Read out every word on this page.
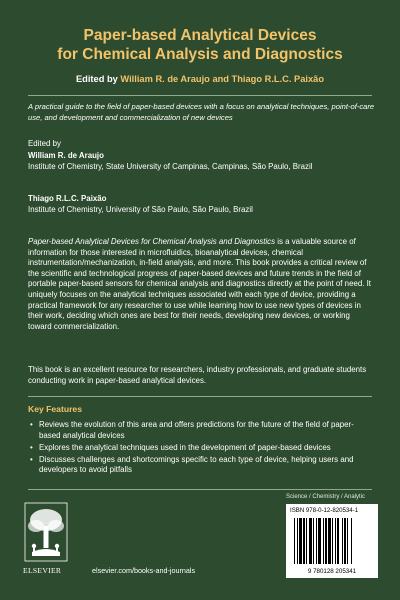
Paper-based Analytical Devices
for Chemical Analysis and Diagnostics
Edited by William R. de Araujo and Thiago R.L.C. Paixão
A practical guide to the field of paper-based devices with a focus on analytical techniques, point-of-care use, and development and commercialization of new devices
Edited by
William R. de Araujo
Institute of Chemistry, State University of Campinas, Campinas, São Paulo, Brazil
Thiago R.L.C. Paixão
Institute of Chemistry, University of São Paulo, São Paulo, Brazil
Paper-based Analytical Devices for Chemical Analysis and Diagnostics is a valuable source of information for those interested in microfluidics, bioanalytical devices, chemical instrumentation/mechanization, in-field analysis, and more. This book provides a critical review of the scientific and technological progress of paper-based devices and future trends in the field of portable paper-based sensors for chemical analysis and diagnostics directly at the point of need. It uniquely focuses on the analytical techniques associated with each type of device, providing a practical framework for any researcher to use while learning how to use new types of devices in their work, deciding which ones are best for their needs, developing new devices, or working toward commercialization.
This book is an excellent resource for researchers, industry professionals, and graduate students conducting work in paper-based analytical devices.
Key Features
• Reviews the evolution of this area and offers predictions for the future of the field of paper-based analytical devices
• Explores the analytical techniques used in the development of paper-based devices
• Discusses challenges and shortcomings specific to each type of device, helping users and developers to avoid pitfalls
ELSEVIER	elsevier.com/books-and-journals
Science / Chemistry / Analytic
ISBN 978-0-12-820534-1
9 780128 205341
